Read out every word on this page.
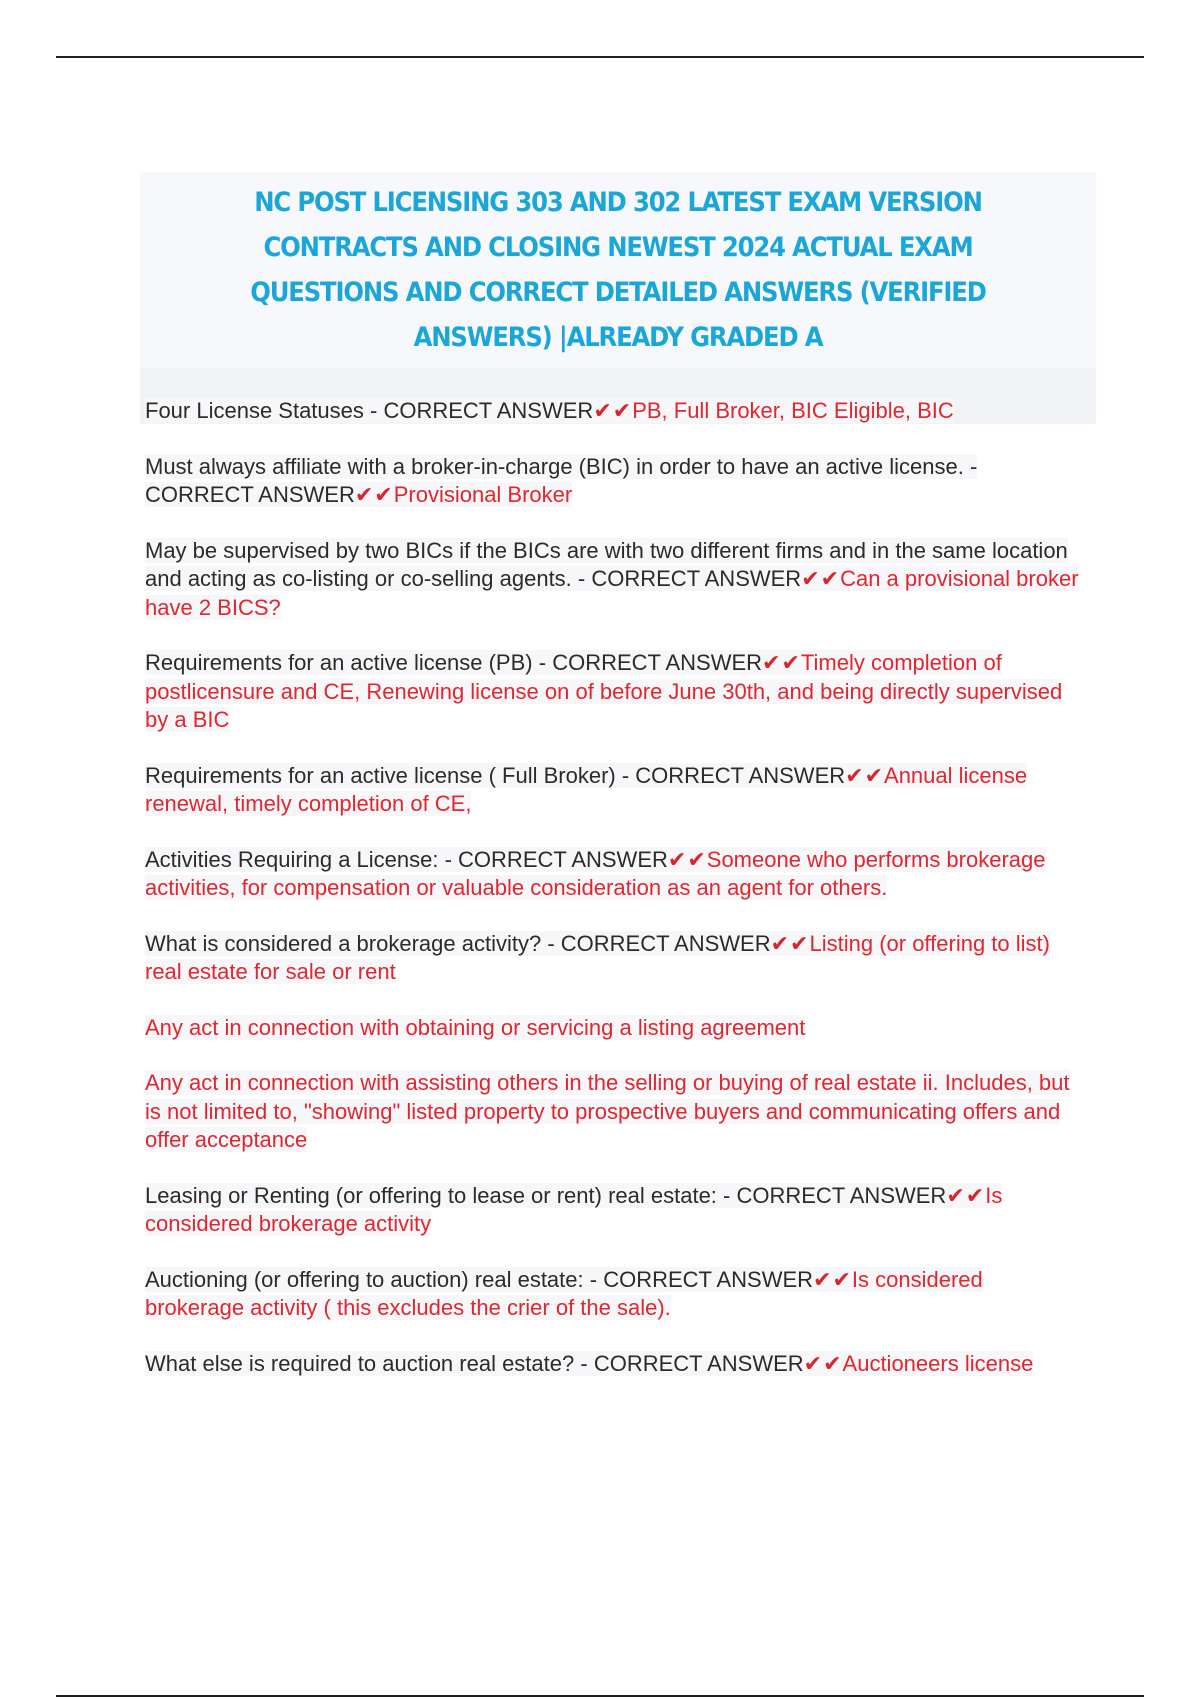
NC POST LICENSING 303 AND 302 LATEST EXAM VERSION CONTRACTS AND CLOSING NEWEST 2024 ACTUAL EXAM QUESTIONS AND CORRECT DETAILED ANSWERS (VERIFIED ANSWERS) |ALREADY GRADED A

Four License Statuses - CORRECT ANSWER✔✔PB, Full Broker, BIC Eligible, BIC

Must always affiliate with a broker-in-charge (BIC) in order to have an active license. - CORRECT ANSWER✔✔Provisional Broker

May be supervised by two BICs if the BICs are with two different firms and in the same location and acting as co-listing or co-selling agents. - CORRECT ANSWER✔✔Can a provisional broker have 2 BICS?

Requirements for an active license (PB) - CORRECT ANSWER✔✔Timely completion of postlicensure and CE, Renewing license on of before June 30th, and being directly supervised by a BIC

Requirements for an active license ( Full Broker) - CORRECT ANSWER✔✔Annual license renewal, timely completion of CE,

Activities Requiring a License: - CORRECT ANSWER✔✔Someone who performs brokerage activities, for compensation or valuable consideration as an agent for others.

What is considered a brokerage activity? - CORRECT ANSWER✔✔Listing (or offering to list) real estate for sale or rent

Any act in connection with obtaining or servicing a listing agreement

Any act in connection with assisting others in the selling or buying of real estate ii. Includes, but is not limited to, "showing" listed property to prospective buyers and communicating offers and offer acceptance

Leasing or Renting (or offering to lease or rent) real estate: - CORRECT ANSWER✔✔Is considered brokerage activity

Auctioning (or offering to auction) real estate: - CORRECT ANSWER✔✔Is considered brokerage activity ( this excludes the crier of the sale).

What else is required to auction real estate? - CORRECT ANSWER✔✔Auctioneers license
